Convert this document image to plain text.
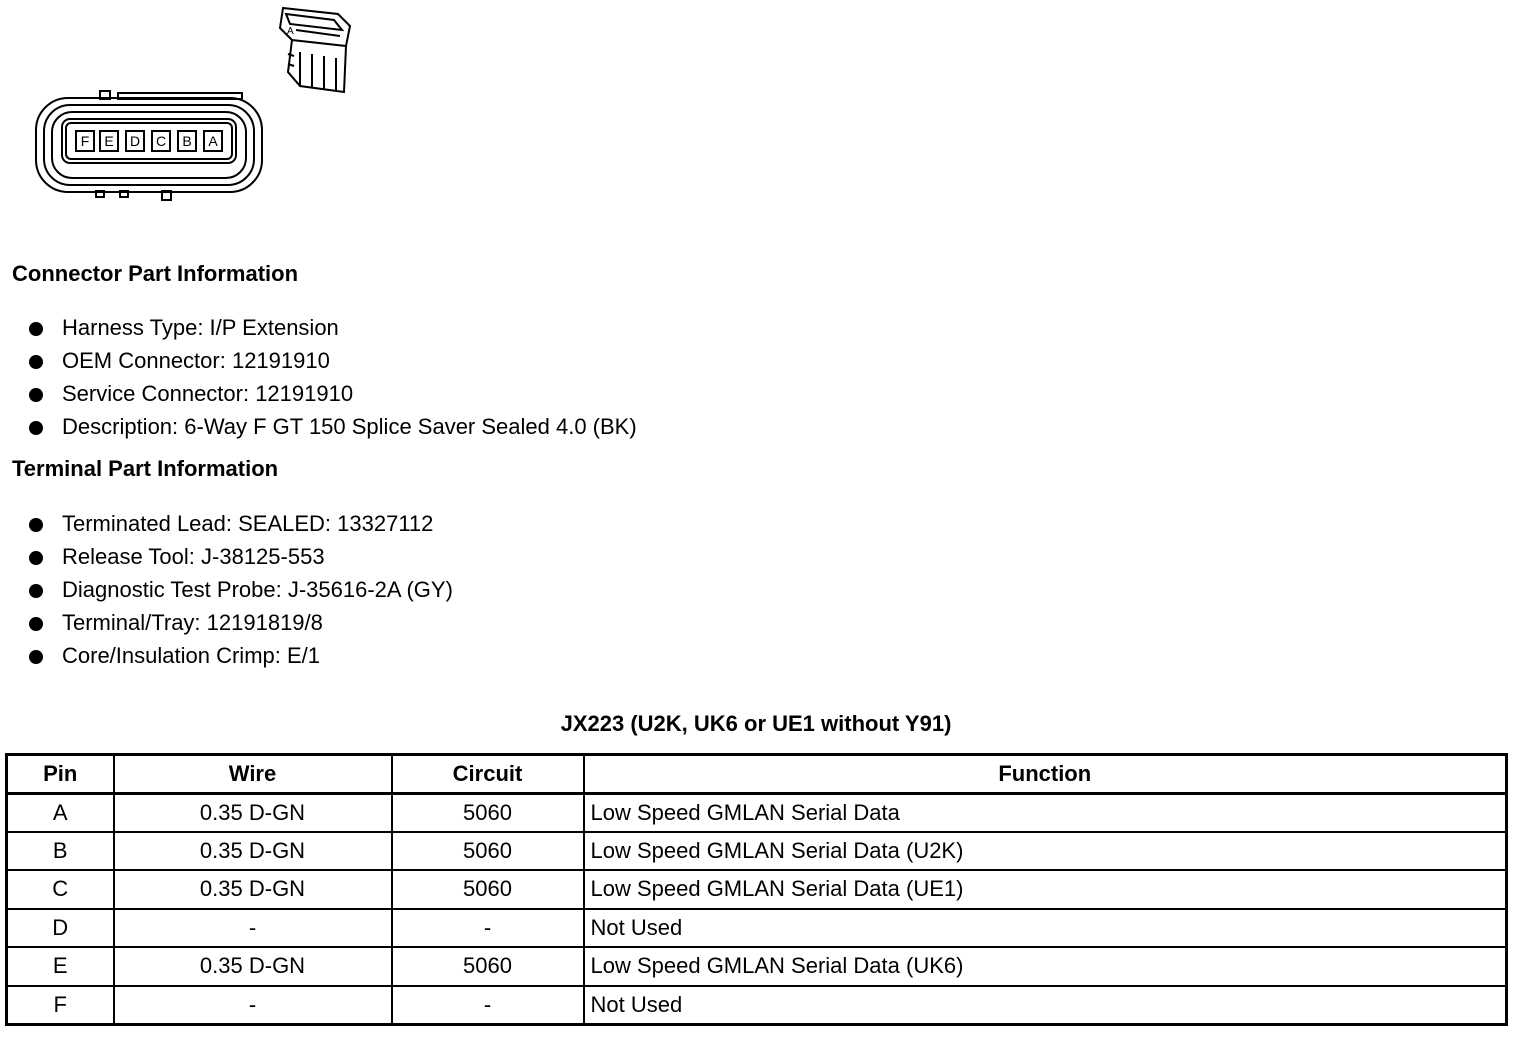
F E D C B A
A
Connector Part Information
Harness Type: I/P Extension
OEM Connector: 12191910
Service Connector: 12191910
Description: 6-Way F GT 150 Splice Saver Sealed 4.0 (BK)
Terminal Part Information
Terminated Lead: SEALED: 13327112
Release Tool: J-38125-553
Diagnostic Test Probe: J-35616-2A (GY)
Terminal/Tray: 12191819/8
Core/Insulation Crimp: E/1
JX223 (U2K, UK6 or UE1 without Y91)
Pin	Wire	Circuit	Function
A	0.35 D-GN	5060	Low Speed GMLAN Serial Data
B	0.35 D-GN	5060	Low Speed GMLAN Serial Data (U2K)
C	0.35 D-GN	5060	Low Speed GMLAN Serial Data (UE1)
D	-	-	Not Used
E	0.35 D-GN	5060	Low Speed GMLAN Serial Data (UK6)
F	-	-	Not Used
